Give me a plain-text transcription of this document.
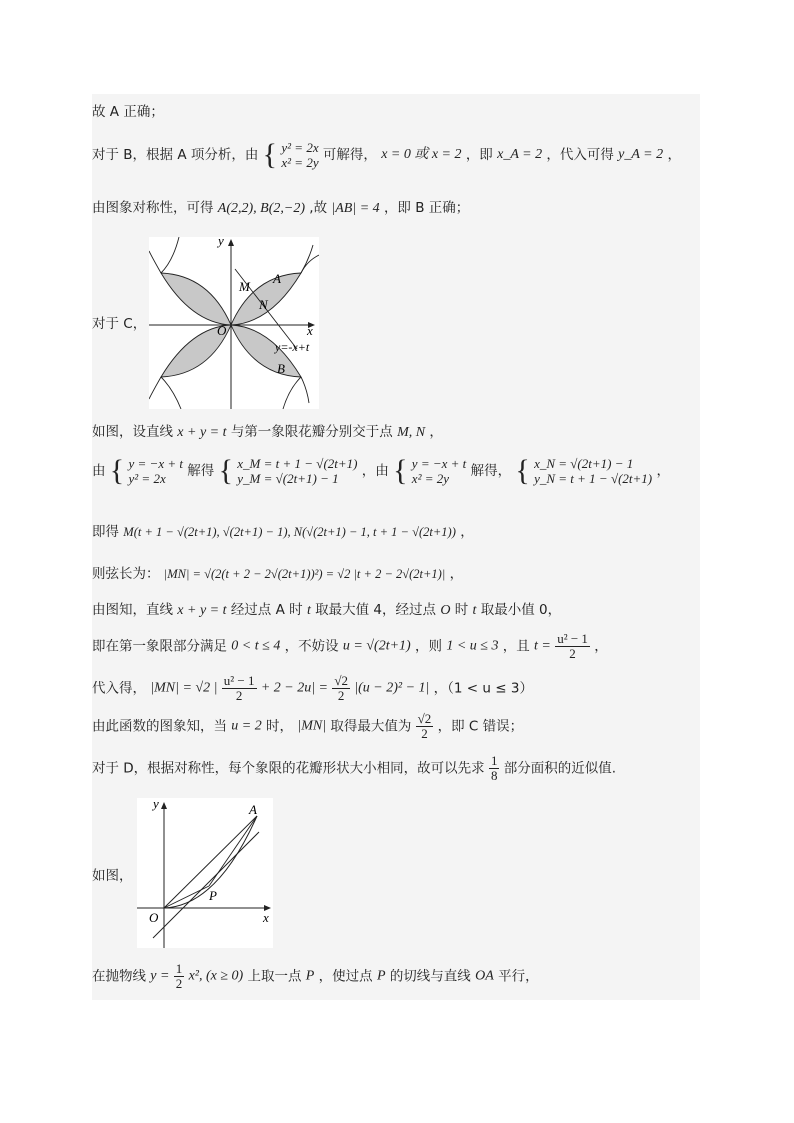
故 A 正确；
对于 B，根据 A 项分析，由 { y² = 2x
x² = 2y 可解得， x = 0 或 x = 2 ，即 x_A = 2 ，代入可得 y_A = 2 ，
由图象对称性，可得 A(2,2), B(2,−2) ,故 |AB| = 4 ，即 B 正确；
对于 C，
y
x
O
M
A
N
y=-x+t
B
如图，设直线 x + y = t 与第一象限花瓣分别交于点 M, N ，
由 { y = −x + t
y² = 2x	解得 { x_M = t + 1 − √(2t+1)
y_M = √(2t+1) − 1	，由 { y = −x + t
x² = 2y	解得， { x_N = √(2t+1) − 1
y_N = t + 1 − √(2t+1) ，
即得 M(t + 1 − √(2t+1), √(2t+1) − 1), N(√(2t+1) − 1, t + 1 − √(2t+1)) ，
则弦长为： |MN| = √(2(t + 2 − 2√(2t+1))²) = √2 |t + 2 − 2√(2t+1)| ，
由图知，直线 x + y = t 经过点 A 时 t 取最大值 4，经过点 O 时 t 取最小值 0，
即在第一象限部分满足 0 < t ≤ 4 ，不妨设 u = √(2t+1) ，则 1 < u ≤ 3 ，且 $t = \frac{\text{u² − 1}}{2}$ ，
代入得， |MN| = √2 | $\frac{\text{u² − 1}}{2} + 2 - 2u| = \frac{√2}{2} |(u - 2)^2 - 1|$ ，（1 < u ≤ 3）
由此函数的图象知，当 u = 2 时， |MN| 取得最大值为 $\frac{√2}{2}$ ，即 C 错误；
对于 D，根据对称性，每个象限的花瓣形状大小相同，故可以先求 $\frac{1}{8}$ 部分面积的近似值.
如图，
y
x
O
A
P
在抛物线 $y = \frac{1}{2} x^2$, (x ≥ 0) 上取一点 P ，使过点 P 的切线与直线 OA 平行，
